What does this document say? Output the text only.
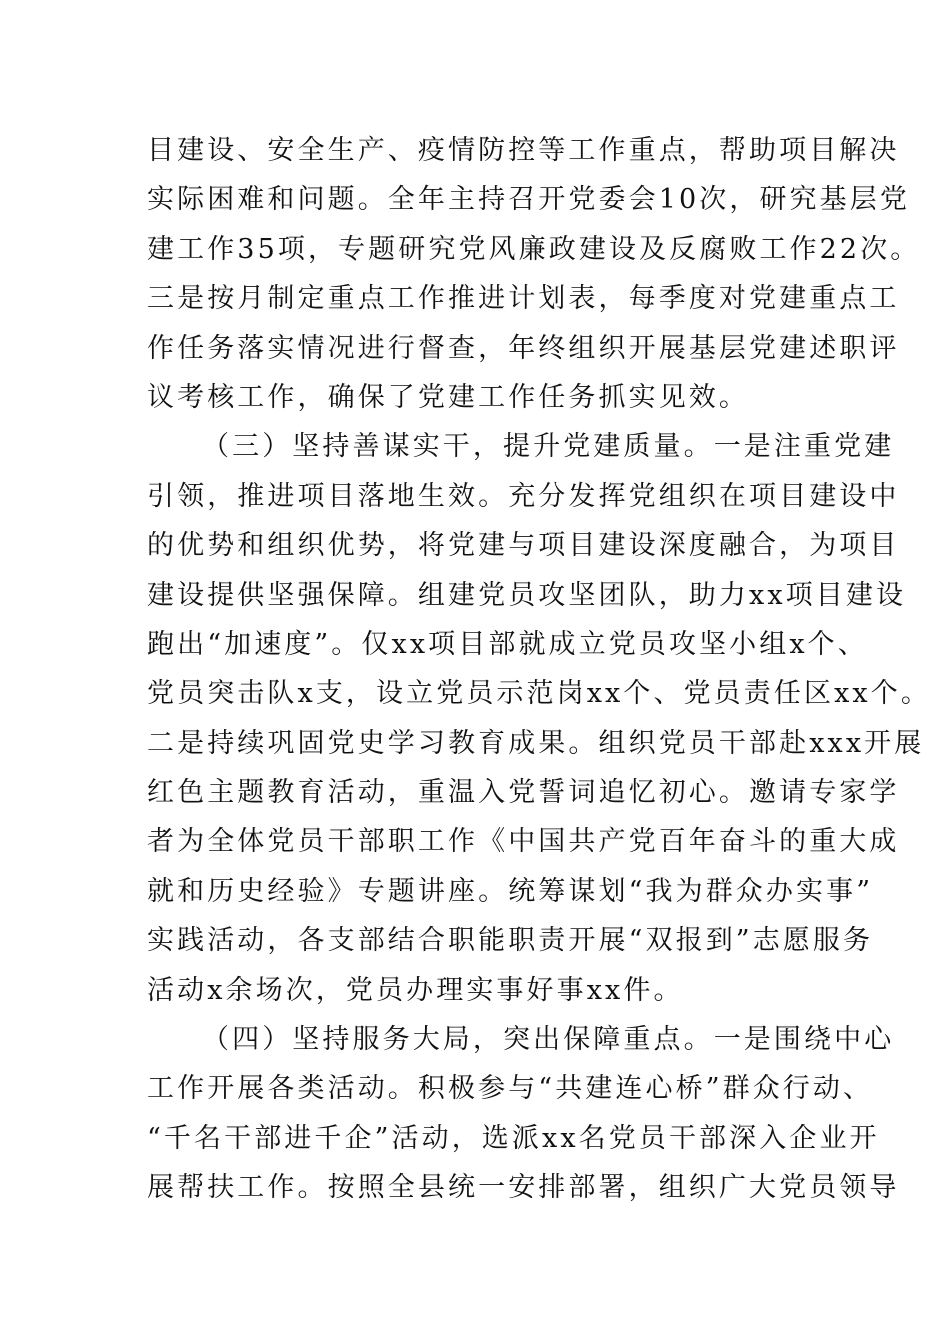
目建设、安全生产、疫情防控等工作重点，帮助项目解决
实际困难和问题。全年主持召开党委会10次，研究基层党
建工作35项，专题研究党风廉政建设及反腐败工作22次。
三是按月制定重点工作推进计划表，每季度对党建重点工
作任务落实情况进行督查，年终组织开展基层党建述职评
议考核工作，确保了党建工作任务抓实见效。
（三）坚持善谋实干，提升党建质量。一是注重党建
引领，推进项目落地生效。充分发挥党组织在项目建设中
的优势和组织优势，将党建与项目建设深度融合，为项目
建设提供坚强保障。组建党员攻坚团队，助力xx项目建设
跑出“加速度”。仅xx项目部就成立党员攻坚小组x个、
党员突击队x支，设立党员示范岗xx个、党员责任区xx个。
二是持续巩固党史学习教育成果。组织党员干部赴xxx开展
红色主题教育活动，重温入党誓词追忆初心。邀请专家学
者为全体党员干部职工作《中国共产党百年奋斗的重大成
就和历史经验》专题讲座。统筹谋划“我为群众办实事”
实践活动，各支部结合职能职责开展“双报到”志愿服务
活动x余场次，党员办理实事好事xx件。
（四）坚持服务大局，突出保障重点。一是围绕中心
工作开展各类活动。积极参与“共建连心桥”群众行动、
“千名干部进千企”活动，选派xx名党员干部深入企业开
展帮扶工作。按照全县统一安排部署，组织广大党员领导
